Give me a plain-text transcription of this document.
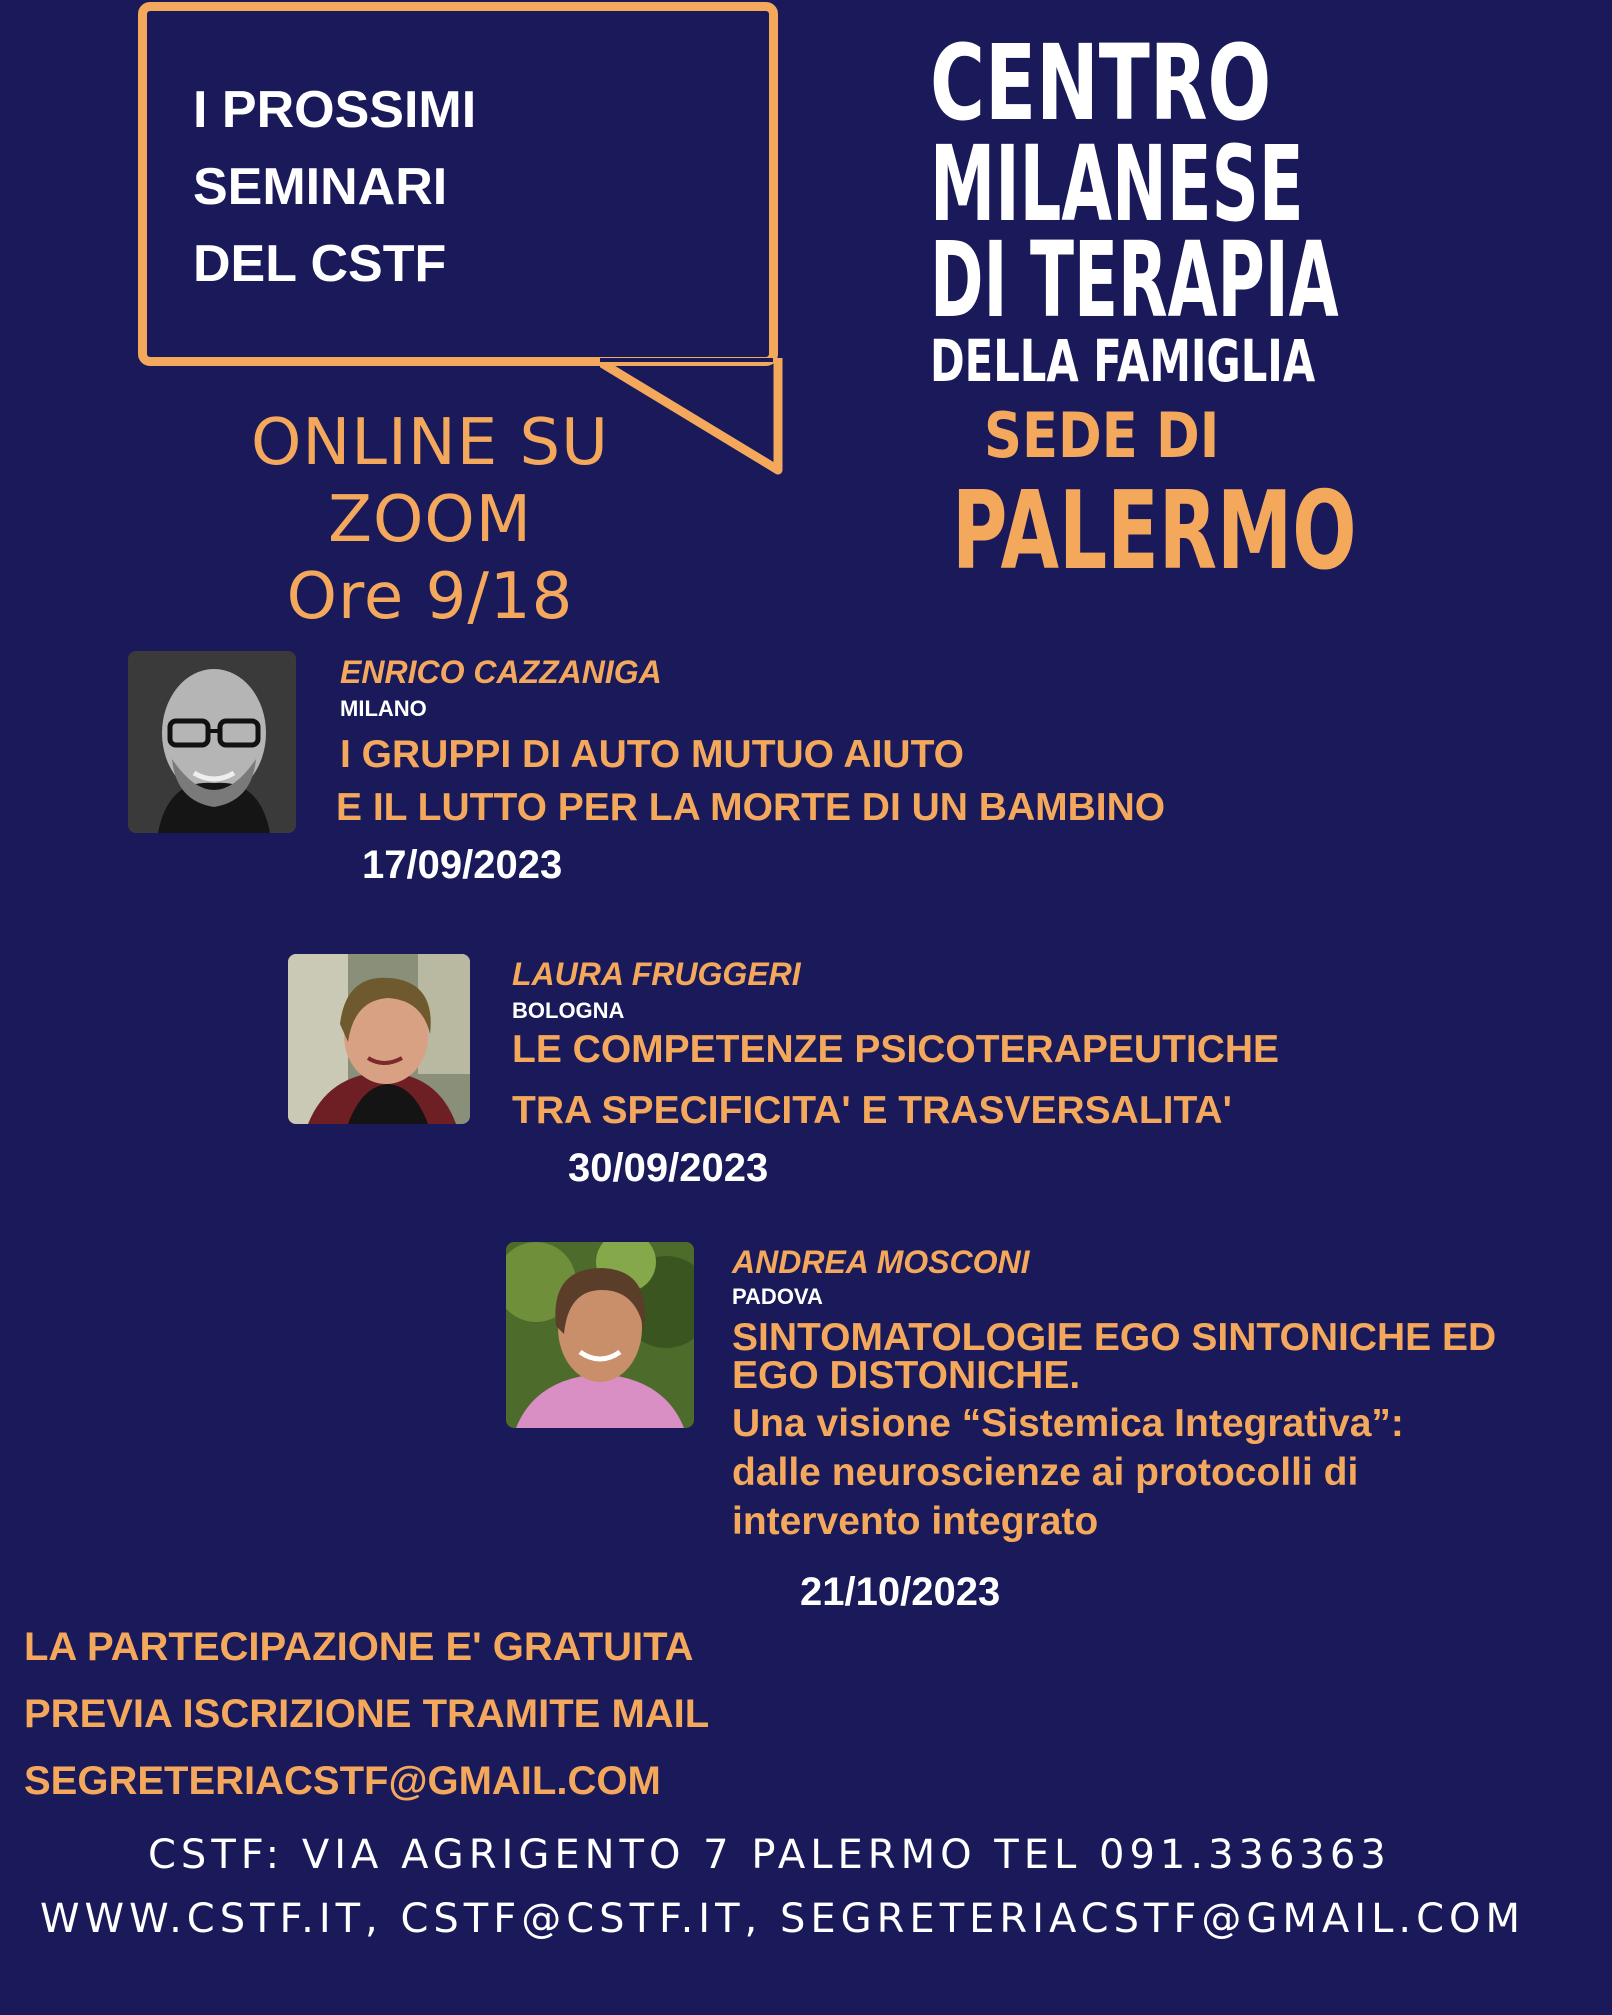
I PROSSIMI
SEMINARI
DEL CSTF
ONLINE SU
ZOOM
Ore 9/18
CENTRO
MILANESE
DI TERAPIA
DELLA FAMIGLIA
SEDE DI
PALERMO
ENRICO CAZZANIGA
MILANO
I GRUPPI DI AUTO MUTUO AIUTO
E IL LUTTO PER LA MORTE DI UN BAMBINO
17/09/2023
LAURA FRUGGERI
BOLOGNA
LE COMPETENZE PSICOTERAPEUTICHE
TRA SPECIFICITA' E TRASVERSALITA'
30/09/2023
ANDREA MOSCONI
PADOVA
SINTOMATOLOGIE EGO SINTONICHE ED
EGO DISTONICHE.
Una visione “Sistemica Integrativa”:
dalle neuroscienze ai protocolli di
intervento integrato
21/10/2023
LA PARTECIPAZIONE E' GRATUITA
PREVIA ISCRIZIONE TRAMITE MAIL
SEGRETERIACSTF@GMAIL.COM
CSTF: VIA AGRIGENTO 7 PALERMO TEL 091.336363
WWW.CSTF.IT, CSTF@CSTF.IT, SEGRETERIACSTF@GMAIL.COM
